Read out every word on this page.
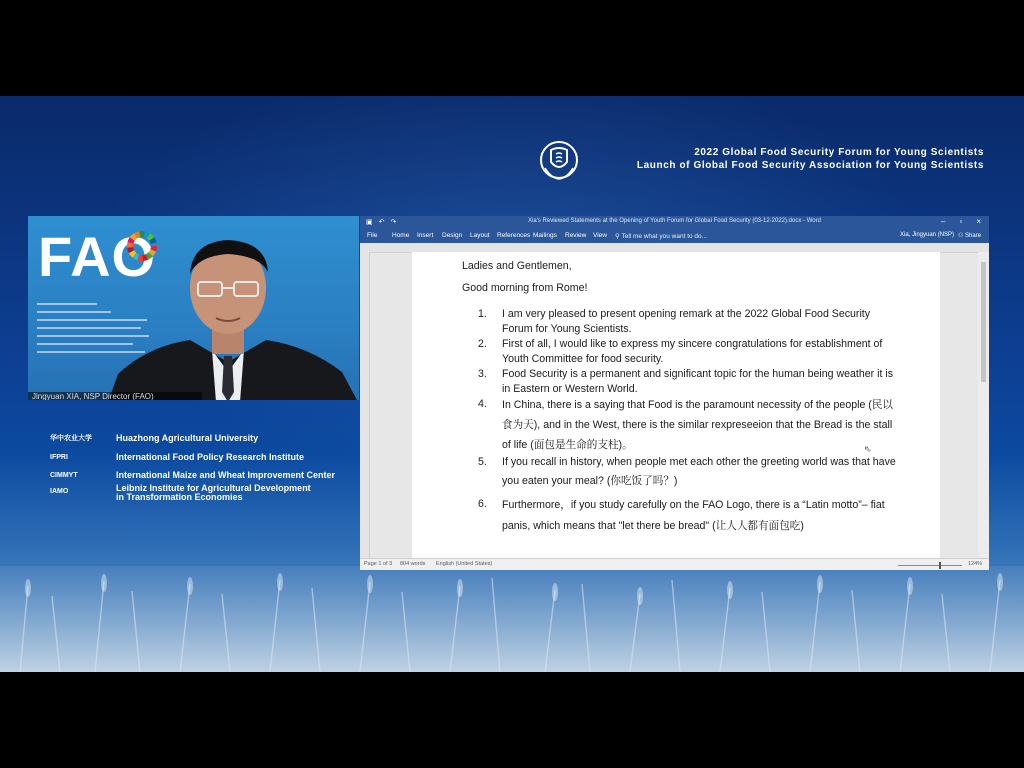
2022 Global Food Security Forum for Young Scientists
Launch of Global Food Security Association for Young Scientists
FAO
Jingyuan XIA, NSP Director (FAO)
华中农业大学	Huazhong Agricultural University
IFPRI	International Food Policy Research Institute
CIMMYT	International Maize and Wheat Improvement Center
IAMO	Leibniz Institute for Agricultural Development
in Transformation Economies
▣ ↶ ↷	Xia's Reviewed Statements at the Opening of Youth Forum for Global Food Security (03-12-2022).docx - Word	– ▫ ×
File Home Insert Design Layout References Mailings Review View ⚲ Tell me what you want to do...	Xia, Jingyuan (NSP) ⚇ Share
Ladies and Gentlemen,
Good morning from Rome!
1. I am very pleased to present opening remark at the 2022 Global Food Security Forum for Young Scientists.
2. First of all, I would like to express my sincere congratulations for establishment of Youth Committee for food security.
3. Food Security is a permanent and significant topic for the human being weather it is in Eastern or Western World.
4. In China, there is a saying that Food is the paramount necessity of the people (民以食为天), and in the West, there is the similar rexpreseeion that the Bread is the stall of life (面包是生命的支柱)。
5. If you recall in history, when people met each other the greeting world was that have you eaten your meal? (你吃饭了吗？)
6. Furthermore，if you study carefully on the FAO Logo, there is a “Latin motto”– fiat panis, which means that "let there be bread" (让人人都有面包吃)
⇖
Page 1 of 3 804 words English (United States)	124%
